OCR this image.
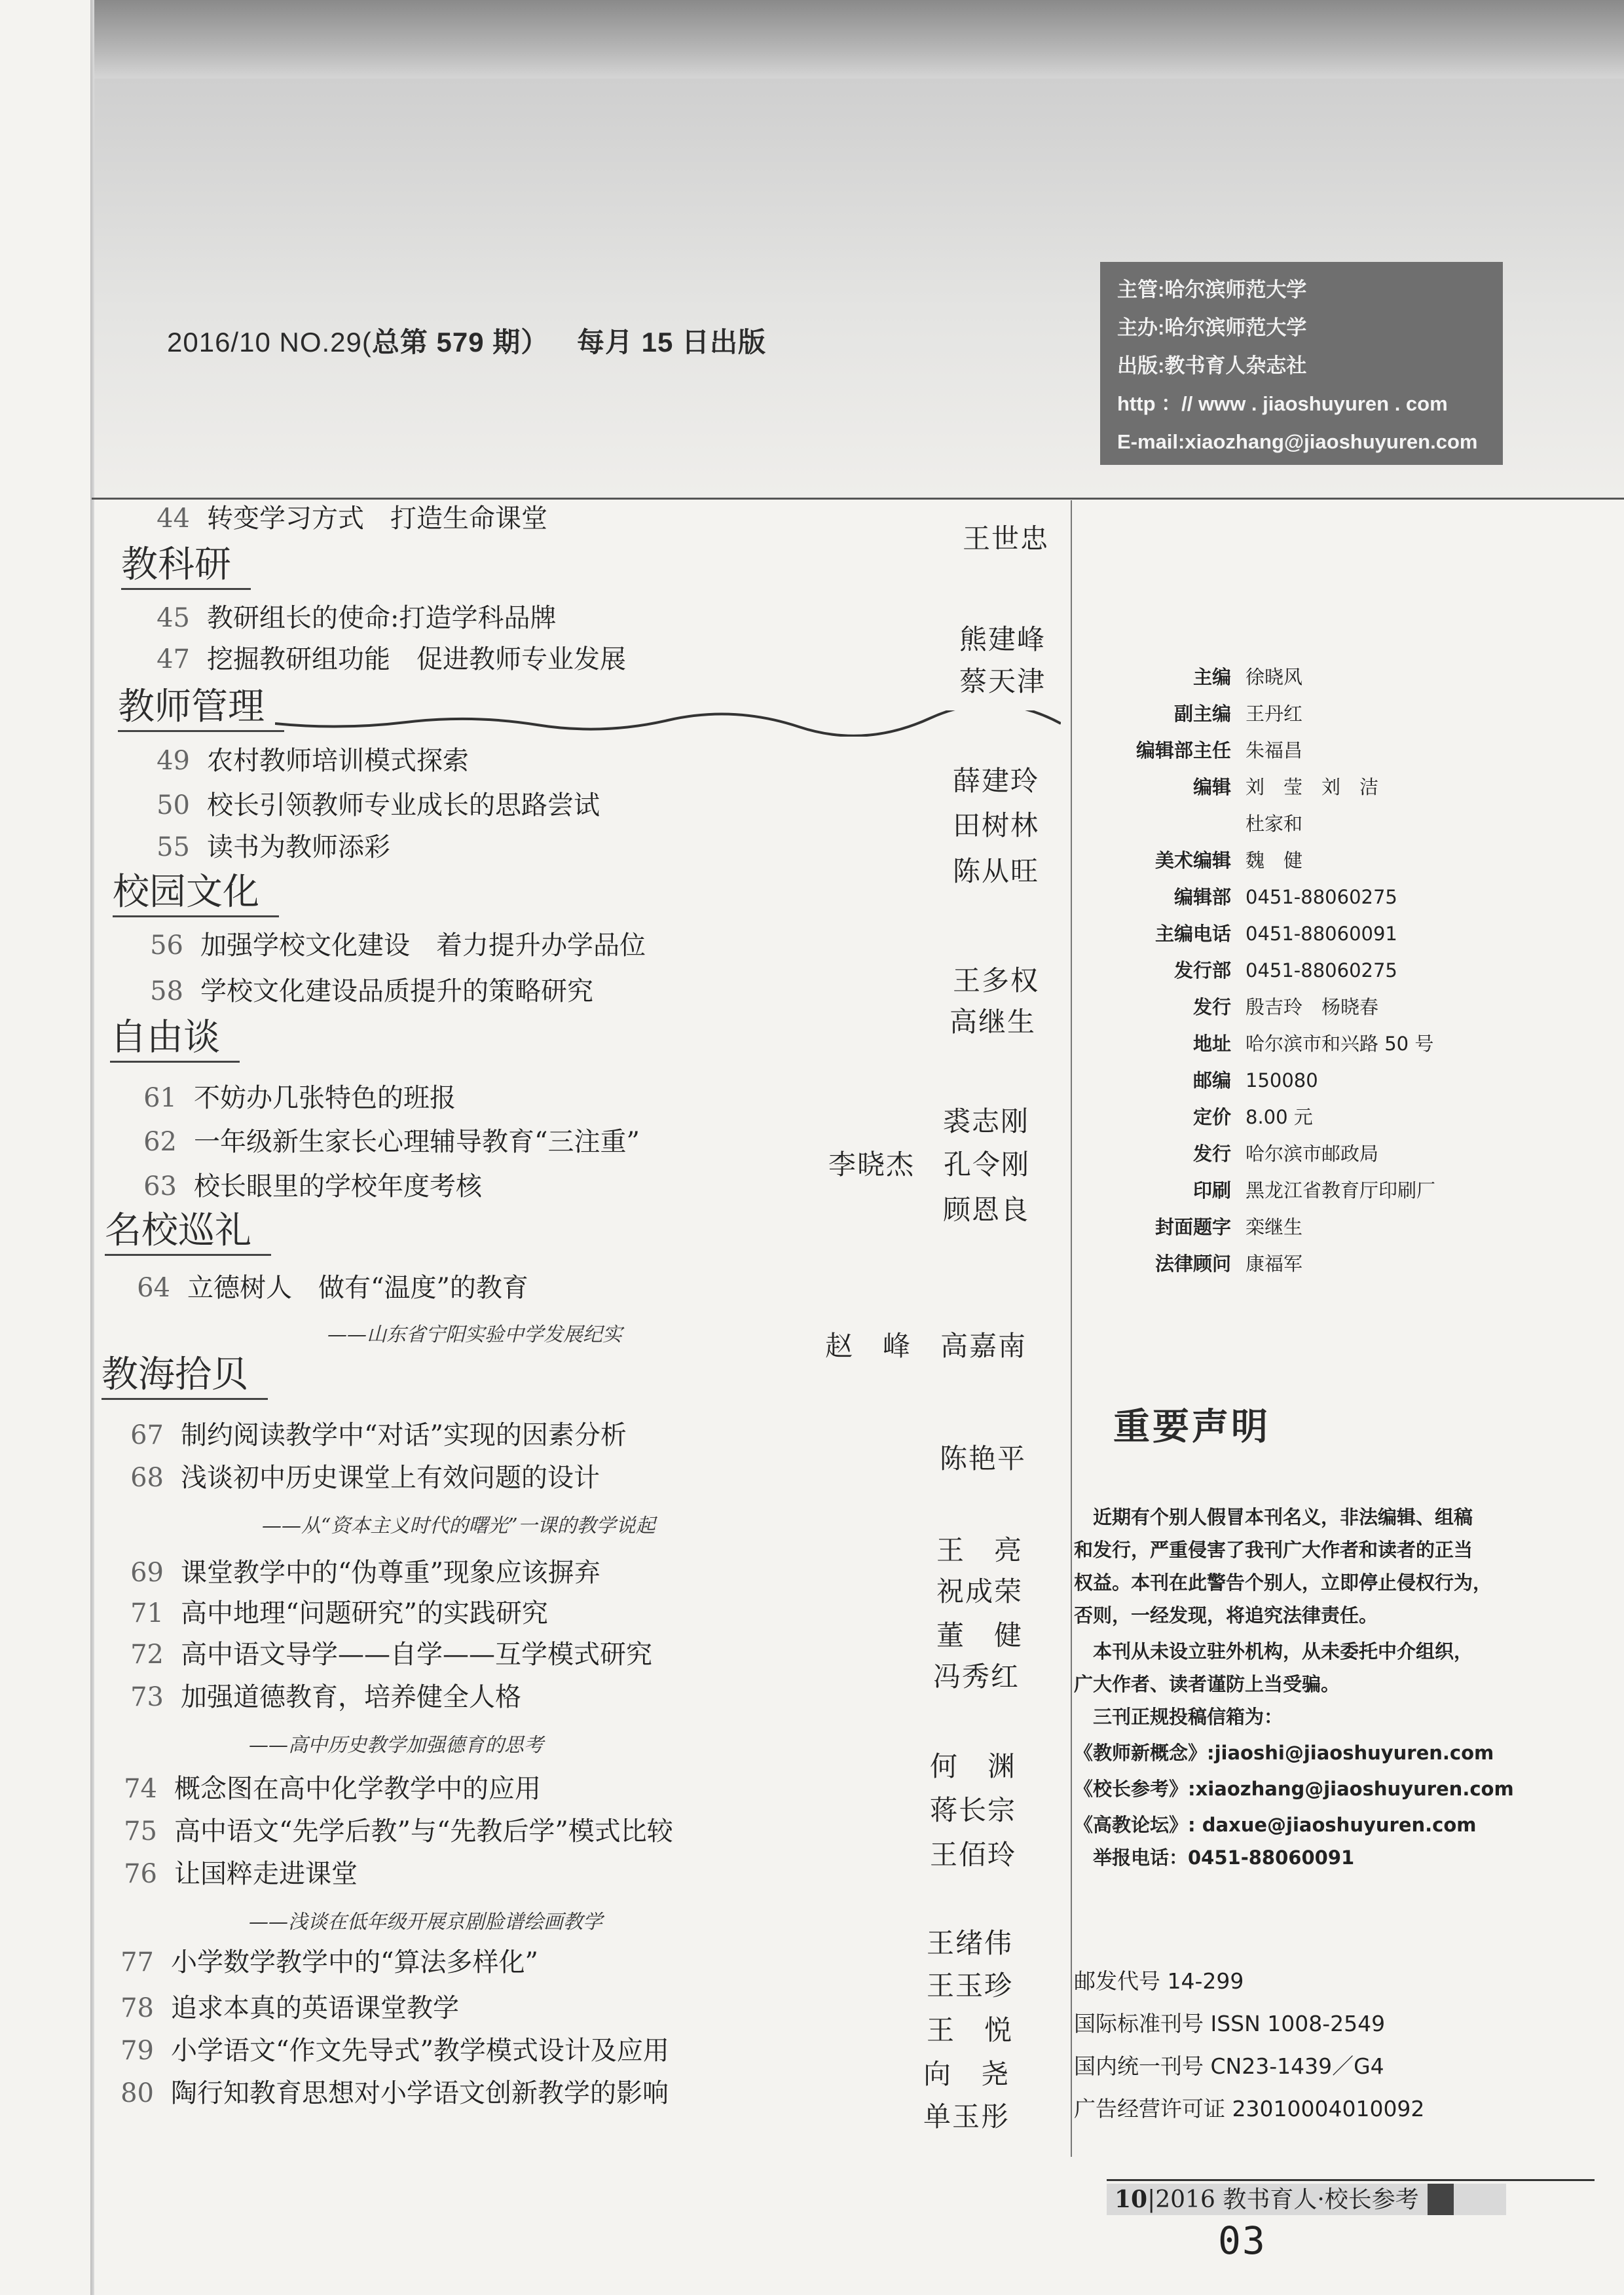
2016/10 NO.29(总第 579 期） 每月 15 日出版
主管:哈尔滨师范大学
主办:哈尔滨师范大学
出版:教书育人杂志社
http ：// www . jiaoshuyuren . com
E-mail:xiaozhang@jiaoshuyuren.com
44 转变学习方式　打造生命课堂
王世忠
教科研
45 教研组长的使命:打造学科品牌
熊建峰
47 挖掘教研组功能　促进教师专业发展
蔡天津
教师管理
49 农村教师培训模式探索
薛建玲
50 校长引领教师专业成长的思路尝试
田树林
55 读书为教师添彩
陈从旺
校园文化
56 加强学校文化建设　着力提升办学品位
王多权
58 学校文化建设品质提升的策略研究
高继生
自由谈
61 不妨办几张特色的班报
裘志刚
62 一年级新生家长心理辅导教育“三注重”
李晓杰　孔令刚
63 校长眼里的学校年度考核
顾恩良
名校巡礼
64 立德树人　做有“温度”的教育
——山东省宁阳实验中学发展纪实	赵　峰　高嘉南
教海拾贝
67 制约阅读教学中“对话”实现的因素分析
陈艳平
68 浅谈初中历史课堂上有效问题的设计
——从“资本主义时代的曙光”一课的教学说起
王　亮
69 课堂教学中的“伪尊重”现象应该摒弃
祝成荣
71 高中地理“问题研究”的实践研究
董　健
72 高中语文导学——自学——互学模式研究
冯秀红
73 加强道德教育，培养健全人格
——高中历史教学加强德育的思考
何　渊
74 概念图在高中化学教学中的应用
蒋长宗
75 高中语文“先学后教”与“先教后学”模式比较
王佰玲
76 让国粹走进课堂
——浅谈在低年级开展京剧脸谱绘画教学
王绪伟
77 小学数学教学中的“算法多样化”
王玉珍
78 追求本真的英语课堂教学
王　悦
79 小学语文“作文先导式”教学模式设计及应用
向　尧
80 陶行知教育思想对小学语文创新教学的影响
单玉彤
主编 徐晓风
副主编 王丹红
编辑部主任 朱福昌
编辑 刘　莹　刘　洁
杜家和
美术编辑 魏　健
编辑部 0451-88060275
主编电话 0451-88060091
发行部 0451-88060275
发行 殷吉玲　杨晓春
地址 哈尔滨市和兴路 50 号
邮编 150080
定价 8.00 元
发行 哈尔滨市邮政局
印刷 黑龙江省教育厅印刷厂
封面题字 栾继生
法律顾问 康福军
重要声明
　近期有个别人假冒本刊名义，非法编辑、组稿
和发行，严重侵害了我刊广大作者和读者的正当
权益。本刊在此警告个别人，立即停止侵权行为，
否则，一经发现，将追究法律责任。
　本刊从未设立驻外机构，从未委托中介组织，
广大作者、读者谨防上当受骗。
　三刊正规投稿信箱为：
《教师新概念》:jiaoshi@jiaoshuyuren.com
《校长参考》:xiaozhang@jiaoshuyuren.com
《高教论坛》: daxue@jiaoshuyuren.com
　举报电话：0451-88060091
邮发代号 14-299
国际标准刊号 ISSN 1008-2549
国内统一刊号 CN23-1439／G4
广告经营许可证 23010004010092
10|2016 教书育人·校长参考
03
